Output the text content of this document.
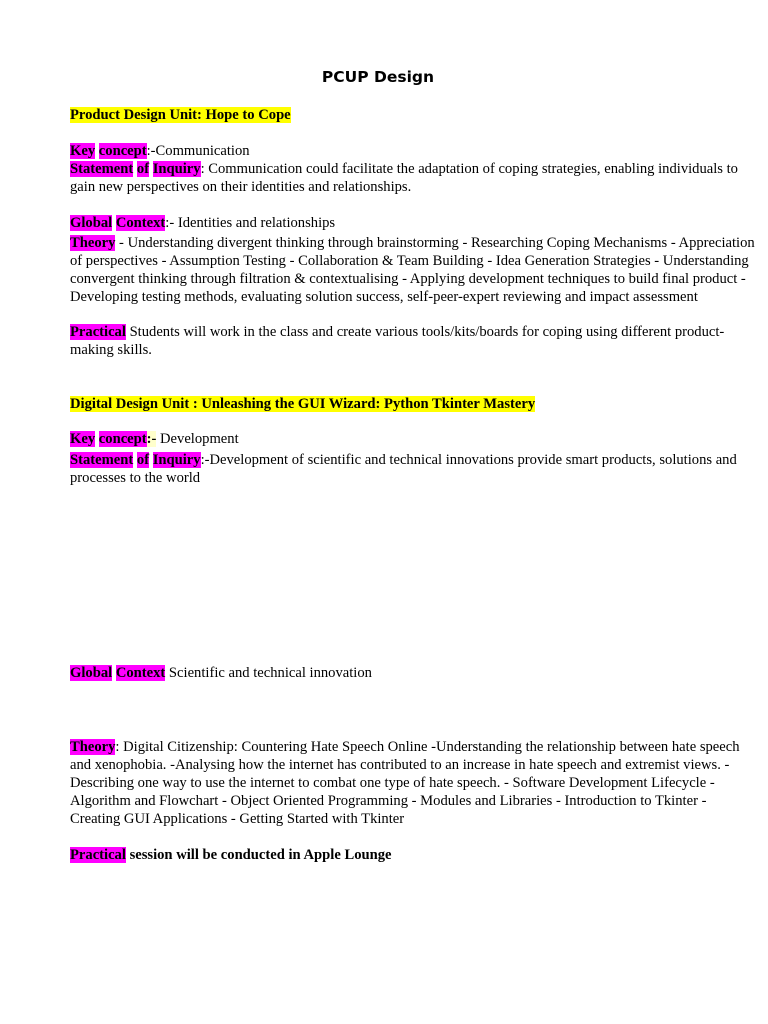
PCUP Design

Product Design Unit: Hope to Cope

Key concept:-Communication

Statement of Inquiry: Communication could facilitate the adaptation of coping strategies, enabling individuals to gain new perspectives on their identities and relationships.

Global Context:- Identities and relationships

Theory - Understanding divergent thinking through brainstorming - Researching Coping Mechanisms - Appreciation of perspectives - Assumption Testing - Collaboration & Team Building - Idea Generation Strategies - Understanding convergent thinking through filtration & contextualising - Applying development techniques to build final product - Developing testing methods, evaluating solution success, self-peer-expert reviewing and impact assessment

Practical Students will work in the class and create various tools/kits/boards for coping using different product-making skills.

Digital Design Unit : Unleashing the GUI Wizard: Python Tkinter Mastery

Key concept:- Development

Statement of Inquiry:-Development of scientific and technical innovations provide smart products, solutions and processes to the world

Global Context Scientific and technical innovation

Theory: Digital Citizenship: Countering Hate Speech Online -Understanding the relationship between hate speech and xenophobia. -Analysing how the internet has contributed to an increase in hate speech and extremist views. -Describing one way to use the internet to combat one type of hate speech. - Software Development Lifecycle - Algorithm and Flowchart - Object Oriented Programming - Modules and Libraries - Introduction to Tkinter - Creating GUI Applications - Getting Started with Tkinter

Practical session will be conducted in Apple Lounge
